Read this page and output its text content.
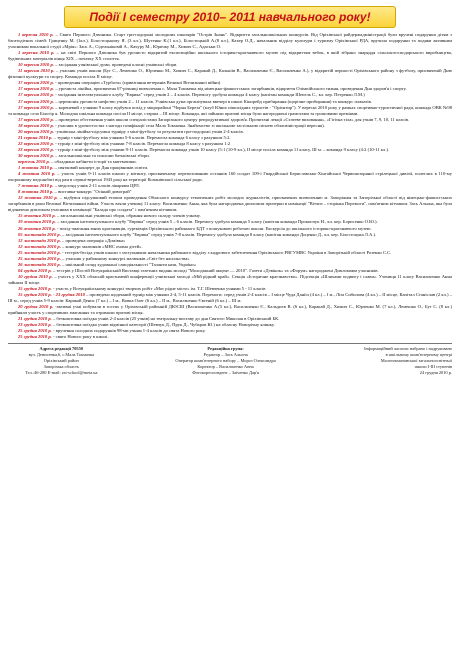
Події І семестру 2010– 2011 навчального року!

1 вересня 2010 р. – Свято Першого Дзвоника. Старт гри-подорожі молодших школярів "Острів Знань". Відкриття загальношкільних конкурсів. Від Оріхівської райдержадміністрації були вручені подарунки дітям з багатодітних сімей: Гриценку М. (1кл.), Білостоцькому Я. (3 кл.), Шутенко К.(1 кл.), Білостоцькій А.(8 кл.), Кахер О.Д., начальник відділу культури і туризму Оріхівської РДА, вручила подарунки та подяки активним учасникам вокальної студії «Мрія»: Зась А., Сідельніковій А., Качуру М., Юричку М., Химич С., Адаськи О.

1 вересня 2010 р. – на світі Першого Дзвоника був урочисто відкритий експозиційно шкільного історико-краєзнавчого музею під відкриттям вебок, в якій зібрано знаряддя сільськогосподарського виробництва, будівельних матеріалів кінця XIX – початку XX століття.

10 вересня 2010 р. – засідання учнівської думи, проведені класні учнівські збори.

11 вересня 2010 р. – учасник учнів школи (Буг С., Лемешко О., Юрченко М., Химич С., Каракай Д., Калькіїв В., Васильченко Є., Васильченко А.), у відкритій першості Оріхівського району з футболу, присвяченій Дню фізичної культури та спорту. Команда посіла II місце.

17 вересня 2010 р. - проведення операцію «Турбота» (привітання ветеранів Великої Вітчизняної війни)

17 вересня 2010 р. – урочиста лінійка, присвячена 67-річниці визволення с. Мала Токмачка від німецько-фашистських загарбників, відкриття Олімпійського тижня, проведення Дня здоров'я і спорту.

17 вересня 2010 р. - засідання інтелектуального клубу "Еврика" серед учнів 2 – 4 класів. Перемогу здобула команда 4 класу (капітан команди Шепель С., кл. кер. Петренко Л.М.)

17 вересня 2010 р. – церемонія урочиста шефство учнів 2 – 11 класів. Учнівська дума організувала ввечері в школі Кінорейд прибирання (щорічне прибирання) та конкурс плакатів.

17 вересня 2010 р. – кореневий з учнями 9 класу відбувся похід у мікрорайоні "Чорна Береза" (клуб Юних пiшохiдних туристiв - "Орієнтир"). У вересні 2010 року у рамках спортивно-туристичної ради, команда ОВК №98 та команда села Білогір я. Молодша шкільна команда посіла II місце, старша – III місце. Команди, які зайняли призові місця були нагороджені грамотами та грошовими преміями.

17 вересня 2010 р. – проведено обстеження учнів школи спеціалістами Запорізького центру репродуктивної здоров'я. Прочитані лекції «Статеве виховання», «Гігієна тіла» для учнів 7, 9, 10, 11 класів.

18 вересня 2010 р. - учасник в урочистостях з нагоди газифікації села Мала Токмачка. Знайомство зі шкільною застільною піснею обласвіністрації вересня).

20 вересня 2010 р. -учнівська лінійка-підсумки турніру з міні-футболу та результати гри-подорожі учнів 2-4 класів.

21 серпня 2010 р. – турнір з міні-футболу між учнями 5-6 класів. Перемогла команда 6 класу з рахунком 5:2.

22 вересня 2010 р. - турнір з міні-футболу між учнями 7-8 класів. Перемогла команда 8 класу з рахунком 1:2

23 вересня 2010 р. - турнір з міні-футболу між учнями 9-11 класів. Перемогла команда учнів 10 класу (5:1 (10-9 кл.), II місце посіла команда 11 класу, III м. – команда 9 класу (4:2 (10-11 кл.).

30 вересня 2010 р. – загальношкільні та поклони батьківські збори.

вересень 2010 р. – обладнано кабінети історії та математики.

1 жовтня 2010 р. – святковий концерт до Дня працівників освіти.

4 жовтня 2010 р. – участь учнів 9-11 класів школи у мітингу, присвяченому перепохованню останків 160 солдат 109-ї Гвардійської Бериславсько-Хінгайської Червонозоряної стрілецької дивізії, полеглих в 110-му охоронному медсанбаті від ран в серпні-вересні 1943 році на території Копанівської сільської ради.

7 жовтня 2010 р. – медогляд учнів 2-11 класів лікарями ЦРЛ.

8 жовтня 2010 р. – виставка-конкурс "Осінній дивограй"

12 жовтня 2010 р. – відбувся підсумковий етапом проведення Обласного конкурсу тематичних робіт молодих журналістів, присвячених визволенню м. Запоріжжя та Запорізької області від німецько-фашистських загарбників в роки Великої Вітчизняної війни. Участь взяли учениці 11 класу: Васильченко Анна, яка була нагороджена дипломом призерки в номінації "Вітчиз – сторінка Перемоги", пам'ятним кітчиком. Зась Альона, яка була відзначена дипломом учасника в номінації "Балада про солдата" і пам'ятним кітчиком.

15 жовтня 2010 р. – загальношкільні учнівські збори, обрання нового складу членів учкому.

19 жовтня 2010 р. – засідання інтелектуального клубу "Еврика" серед учнів 5 – 6 класів. Перемогу здобула команда 5 класу (капітан команди Прокопчук Н., кл. кер. Борисенко О.Ю.).

26 жовтня 2010 р. - похід-змагання юних краєзнавців, гуртківців Оріхівського районного БДТ з пошуковою роботою школи. Екскурсія до шкільного історико-краєзнавчого музею.

05 листопада 2010 р. – засідання інтелектуального клубу "Еврика" серед учнів 7-8 класів. Перемогу здобула команда 8 класу (капітан команди Доценко Д., кл. кер. Білостоцька Л.А.).

12 листопада 2010 р. – проведена операція «Домівка»

12 листопада 2010 р. – конкурс малюнків «МНС очима дітей».

25 листопада 2010 р. - тестрів-бесіда учнів школи з заступником начальника районного відділу з кадрового забезпечення Оріхівського РВГУМВС України в Запорізькій області Розенко С.С.

25 листопада 2010 р. – учасник у районному конкурсі малюнків «Світ без насильства»

26 листопада 2010 р. – шкільний огляд художньої самодіяльності "Таланти наш, Україно»

04 грудня 2010 р. – тестрів у Шостій Всеукраїнській Виставці газетних видань молоді "Молодіжний акцент — 2010". Газети «Дзвінок» та «Форум» нагороджені Дипломами учасників.

10 грудня 2010 р. – участь у ХХХ обласній краєзнавчій конференції учнівської молоді «Мій рідний край». Секція «Історичне краєзнавство». Підсекція «Шляхами подвигу і слави». Учениця 11 класу Васильченко Анна зайняла II місце.

15 грудня 2010 р. - участь у Всеукраїнському конкурсі творчих робіт «Моє рідне місто» ім. Т.Г. Шевченка учнями 5 - 11 класів

15 грудня 2010 р. - 23 грудня 2010 – проведено щоденний турнір між учнями 2-4, 5-11 класів. Перемоги: серед учнів 2-4 класів – І місце Чуда Даніїл (4 кл.) – І м., Ліза Сибилова (4 кл.) – ІІ місце, Капітал Станіслав (2 кл.) – ІІІ м., серед учнів 5-9 класів: Каракай Денис (7 кл.) – І м., Вовкa Олег (6 кл.) – ІІ м., Васильченко Євгеній (6 кл.) – ІІІ м.

20 грудня 2010 р. -активні учні побували в гостях у Оріхівській районній ДЮСШ (Васильченко А.(5 кл.), Васильченко Є., Кальдиєв В. (6 кл.), Каракай Д., Химич С., Юрченко М. (7 кл.), Лемешко О., Буг С. (8 кл.) прийняли участь у спортивних змаганнях та отримали призові місця.

21 грудня 2010 р. – безкоштовна поїздка учнів 2-4 класів (25 учнів) на театральну виставу до дня Святого Миколая в Оріхівський БК.

23 грудня 2010 р. – безкоштовна поїздка учнів відмінної категорії (Шевчук Д., Прук Д., Чубаров Ю.) на обласну Новорічну ялинку.

25 грудня 2010 р. - вручення солодких подарунків 98-ми учням 1-4 класів до свята Нового року.

25 грудня 2010 р. - свято Нового року в школі.

Адреса редакції 70550
вул. Денисенка,6, с.Мала Токмачка
Оріхівський район
Запорізька область
Тел.:46-280 E-mail: zst-school@meta.ua
Редакційна група:
Редактор – Зась Альона
Оператор комп'ютерного набору – Мороз Олександра
Коректор – Васильченко Анна
Фотокореспондент – Заїченко Дар'я
Інформаційний часопис набрано і надруковано
в шкільному комп'ютерному центрі
Малотокмачанської загальноосвітньої
школи I-III ступенів
24 грудня 2010 р.
